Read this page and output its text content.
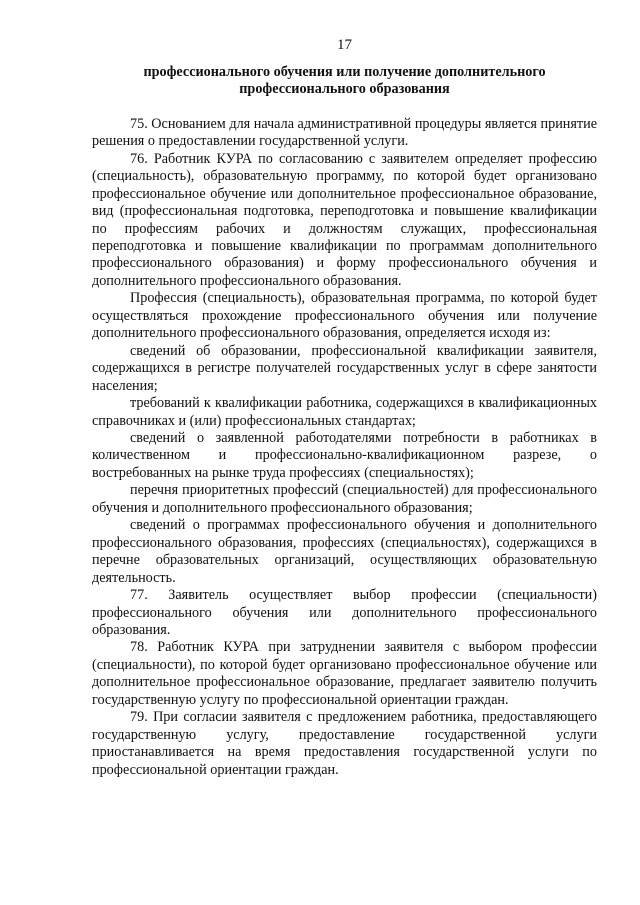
17
профессионального обучения или получение дополнительного
профессионального образования

75. Основанием для начала административной процедуры является принятие решения о предоставлении государственной услуги.

76. Работник КУРА по согласованию с заявителем определяет профессию (специальность), образовательную программу, по которой будет организовано профессиональное обучение или дополнительное профессиональное образование, вид (профессиональная подготовка, переподготовка и повышение квалификации по профессиям рабочих и должностям служащих, профессиональная переподготовка и повышение квалификации по программам дополнительного профессионального образования) и форму профессионального обучения и дополнительного профессионального образования.

Профессия (специальность), образовательная программа, по которой будет осуществляться прохождение профессионального обучения или получение дополнительного профессионального образования, определяется исходя из:

сведений об образовании, профессиональной квалификации заявителя, содержащихся в регистре получателей государственных услуг в сфере занятости населения;

требований к квалификации работника, содержащихся в квалификационных справочниках и (или) профессиональных стандартах;

сведений о заявленной работодателями потребности в работниках в количественном и профессионально-квалификационном разрезе, о востребованных на рынке труда профессиях (специальностях);

перечня приоритетных профессий (специальностей) для профессионального обучения и дополнительного профессионального образования;

сведений о программах профессионального обучения и дополнительного профессионального образования, профессиях (специальностях), содержащихся в перечне образовательных организаций, осуществляющих образовательную деятельность.

77. Заявитель осуществляет выбор профессии (специальности) профессионального обучения или дополнительного профессионального образования.

78. Работник КУРА при затруднении заявителя с выбором профессии (специальности), по которой будет организовано профессиональное обучение или дополнительное профессиональное образование, предлагает заявителю получить государственную услугу по профессиональной ориентации граждан.

79. При согласии заявителя с предложением работника, предоставляющего государственную услугу, предоставление государственной услуги приостанавливается на время предоставления государственной услуги по профессиональной ориентации граждан.
